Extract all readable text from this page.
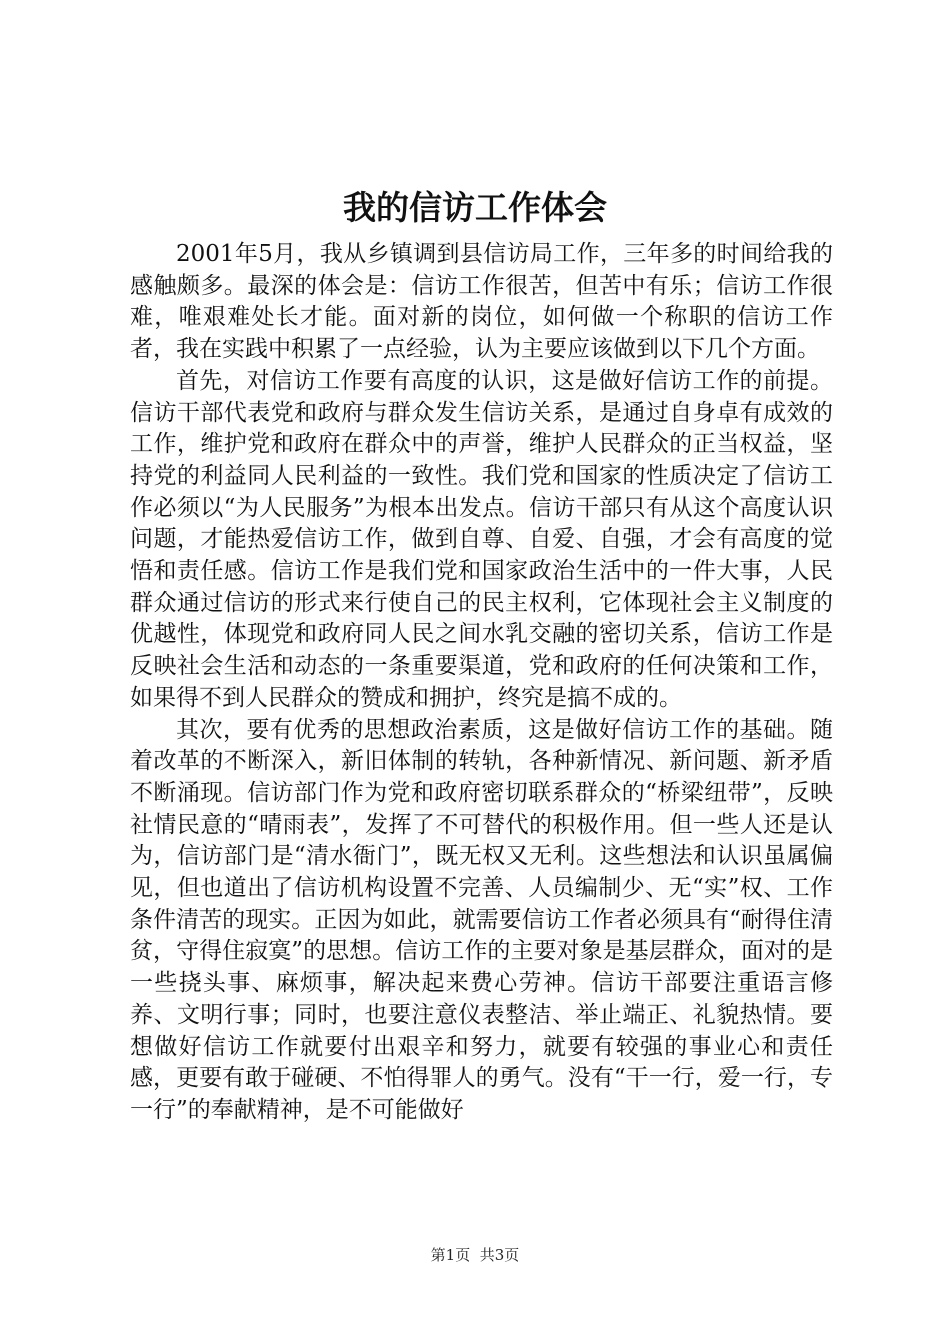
我的信访工作体会

2001年5月，我从乡镇调到县信访局工作，三年多的时间给我的感触颇多。最深的体会是：信访工作很苦，但苦中有乐；信访工作很难，唯艰难处长才能。面对新的岗位，如何做一个称职的信访工作者，我在实践中积累了一点经验，认为主要应该做到以下几个方面。

首先，对信访工作要有高度的认识，这是做好信访工作的前提。信访干部代表党和政府与群众发生信访关系，是通过自身卓有成效的工作，维护党和政府在群众中的声誉，维护人民群众的正当权益，坚持党的利益同人民利益的一致性。我们党和国家的性质决定了信访工作必须以“为人民服务”为根本出发点。信访干部只有从这个高度认识问题，才能热爱信访工作，做到自尊、自爱、自强，才会有高度的觉悟和责任感。信访工作是我们党和国家政治生活中的一件大事，人民群众通过信访的形式来行使自己的民主权利，它体现社会主义制度的优越性，体现党和政府同人民之间水乳交融的密切关系，信访工作是反映社会生活和动态的一条重要渠道，党和政府的任何决策和工作，如果得不到人民群众的赞成和拥护，终究是搞不成的。

其次，要有优秀的思想政治素质，这是做好信访工作的基础。随着改革的不断深入，新旧体制的转轨，各种新情况、新问题、新矛盾不断涌现。信访部门作为党和政府密切联系群众的“桥梁纽带”，反映社情民意的“晴雨表”，发挥了不可替代的积极作用。但一些人还是认为，信访部门是“清水衙门”，既无权又无利。这些想法和认识虽属偏见，但也道出了信访机构设置不完善、人员编制少、无“实”权、工作条件清苦的现实。正因为如此，就需要信访工作者必须具有“耐得住清贫，守得住寂寞”的思想。信访工作的主要对象是基层群众，面对的是一些挠头事、麻烦事，解决起来费心劳神。信访干部要注重语言修养、文明行事；同时，也要注意仪表整洁、举止端正、礼貌热情。要想做好信访工作就要付出艰辛和努力，就要有较强的事业心和责任感，更要有敢于碰硬、不怕得罪人的勇气。没有“干一行，爱一行，专一行”的奉献精神，是不可能做好

第1页 共3页
